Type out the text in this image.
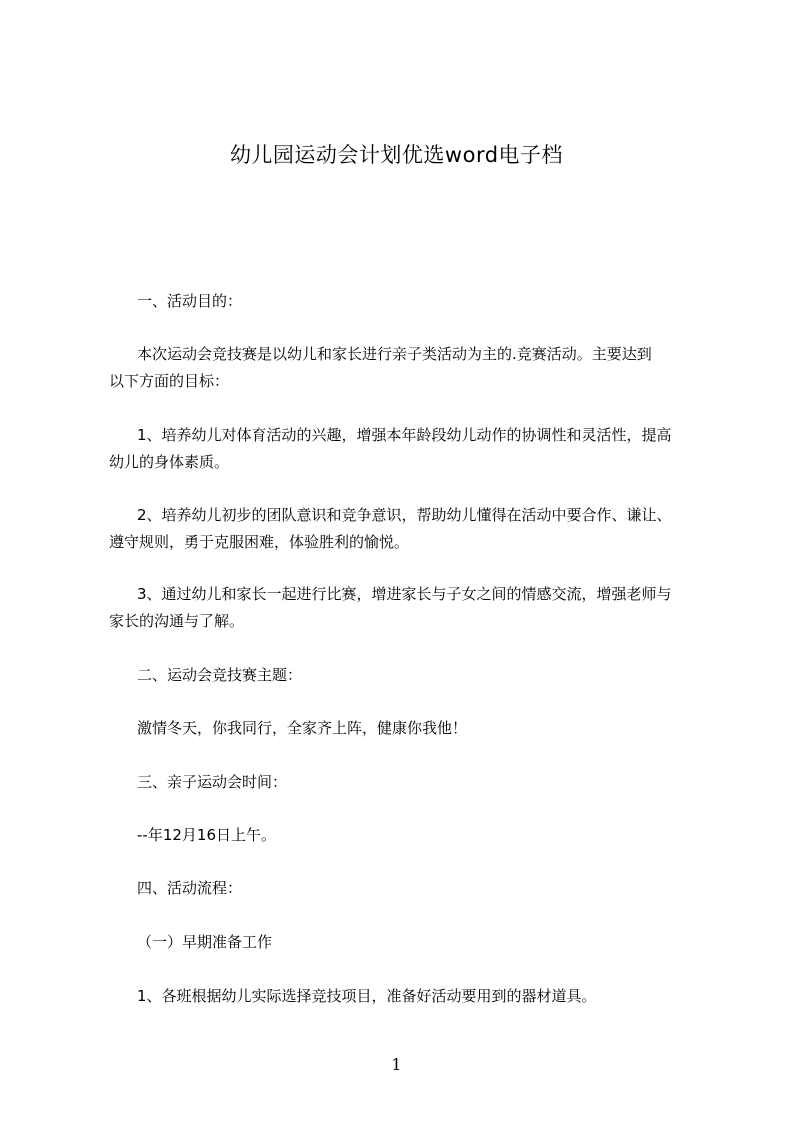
幼儿园运动会计划优选word电子档
一、活动目的：
本次运动会竞技赛是以幼儿和家长进行亲子类活动为主的.竞赛活动。主要达到
以下方面的目标：
1、培养幼儿对体育活动的兴趣，增强本年龄段幼儿动作的协调性和灵活性，提高
幼儿的身体素质。
2、培养幼儿初步的团队意识和竞争意识，帮助幼儿懂得在活动中要合作、谦让、
遵守规则，勇于克服困难，体验胜利的愉悦。
3、通过幼儿和家长一起进行比赛，增进家长与子女之间的情感交流，增强老师与
家长的沟通与了解。
二、运动会竞技赛主题：
激情冬天，你我同行，全家齐上阵，健康你我他！
三、亲子运动会时间：
--年12月16日上午。
四、活动流程：
（一）早期准备工作
1、各班根据幼儿实际选择竞技项目，准备好活动要用到的器材道具。
1
